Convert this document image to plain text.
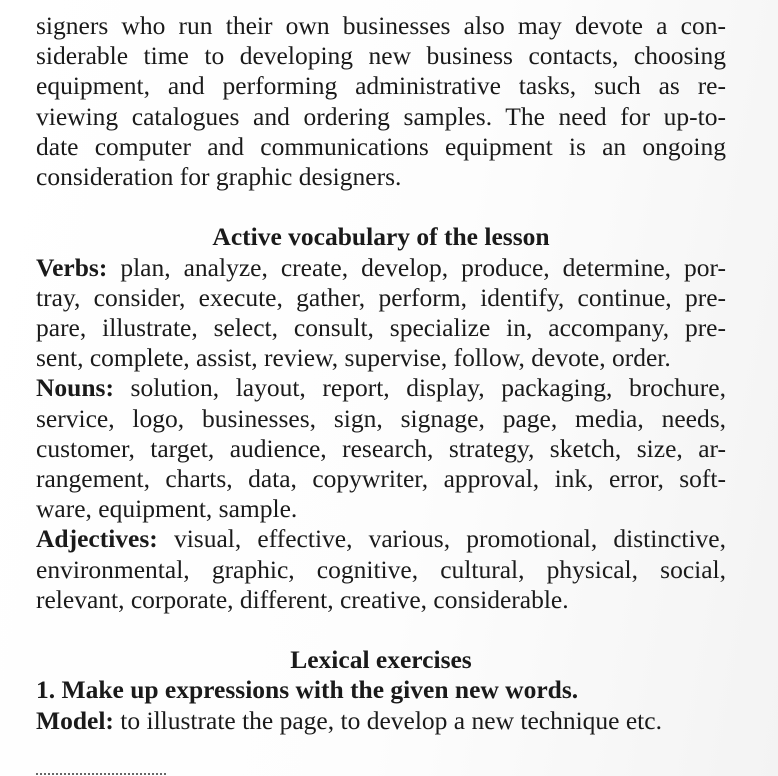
signers who run their own businesses also may devote a con-
siderable time to developing new business contacts, choosing
equipment, and performing administrative tasks, such as re-
viewing catalogues and ordering samples. The need for up-to-
date computer and communications equipment is an ongoing
consideration for graphic designers.
Active vocabulary of the lesson
Verbs: plan, analyze, create, develop, produce, determine, por-
tray, consider, execute, gather, perform, identify, continue, pre-
pare, illustrate, select, consult, specialize in, accompany, pre-
sent, complete, assist, review, supervise, follow, devote, order.
Nouns: solution, layout, report, display, packaging, brochure,
service, logo, businesses, sign, signage, page, media, needs,
customer, target, audience, research, strategy, sketch, size, ar-
rangement, charts, data, copywriter, approval, ink, error, soft-
ware, equipment, sample.
Adjectives: visual, effective, various, promotional, distinctive,
environmental, graphic, cognitive, cultural, physical, social,
relevant, corporate, different, creative, considerable.
Lexical exercises
1. Make up expressions with the given new words.
Model: to illustrate the page, to develop a new technique etc.
